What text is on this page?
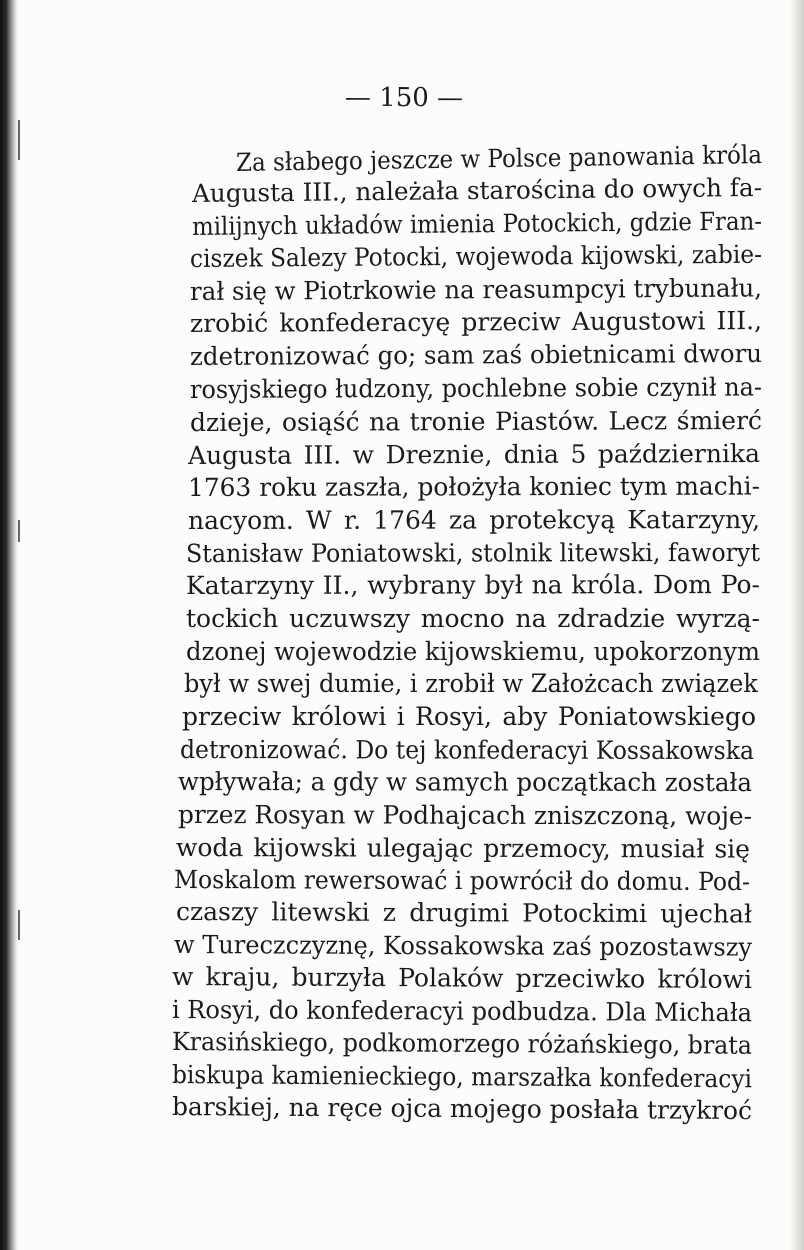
— 150 —
Za słabego jeszcze w Polsce panowania króla
Augusta III., należała starościna do owych fa-
milijnych układów imienia Potockich, gdzie Fran-
ciszek Salezy Potocki, wojewoda kijowski, zabie-
rał się w Piotrkowie na reasumpcyi trybunału,
zrobić konfederacyę przeciw Augustowi III.,
zdetronizować go; sam zaś obietnicami dworu
rosyjskiego łudzony, pochlebne sobie czynił na-
dzieje, osiąść na tronie Piastów. Lecz śmierć
Augusta III. w Dreznie, dnia 5 października
1763 roku zaszła, położyła koniec tym machi-
nacyom. W r. 1764 za protekcyą Katarzyny,
Stanisław Poniatowski, stolnik litewski, faworyt
Katarzyny II., wybrany był na króla. Dom Po-
tockich uczuwszy mocno na zdradzie wyrzą-
dzonej wojewodzie kijowskiemu, upokorzonym
był w swej dumie, i zrobił w Założcach związek
przeciw królowi i Rosyi, aby Poniatowskiego
detronizować. Do tej konfederacyi Kossakowska
wpływała; a gdy w samych początkach została
przez Rosyan w Podhajcach zniszczoną, woje-
woda kijowski ulegając przemocy, musiał się
Moskalom rewersować i powrócił do domu. Pod-
czaszy litewski z drugimi Potockimi ujechał
w Tureczczyznę, Kossakowska zaś pozostawszy
w kraju, burzyła Polaków przeciwko królowi
i Rosyi, do konfederacyi podbudza. Dla Michała
Krasińskiego, podkomorzego różańskiego, brata
biskupa kamienieckiego, marszałka konfederacyi
barskiej, na ręce ojca mojego posłała trzykroć
